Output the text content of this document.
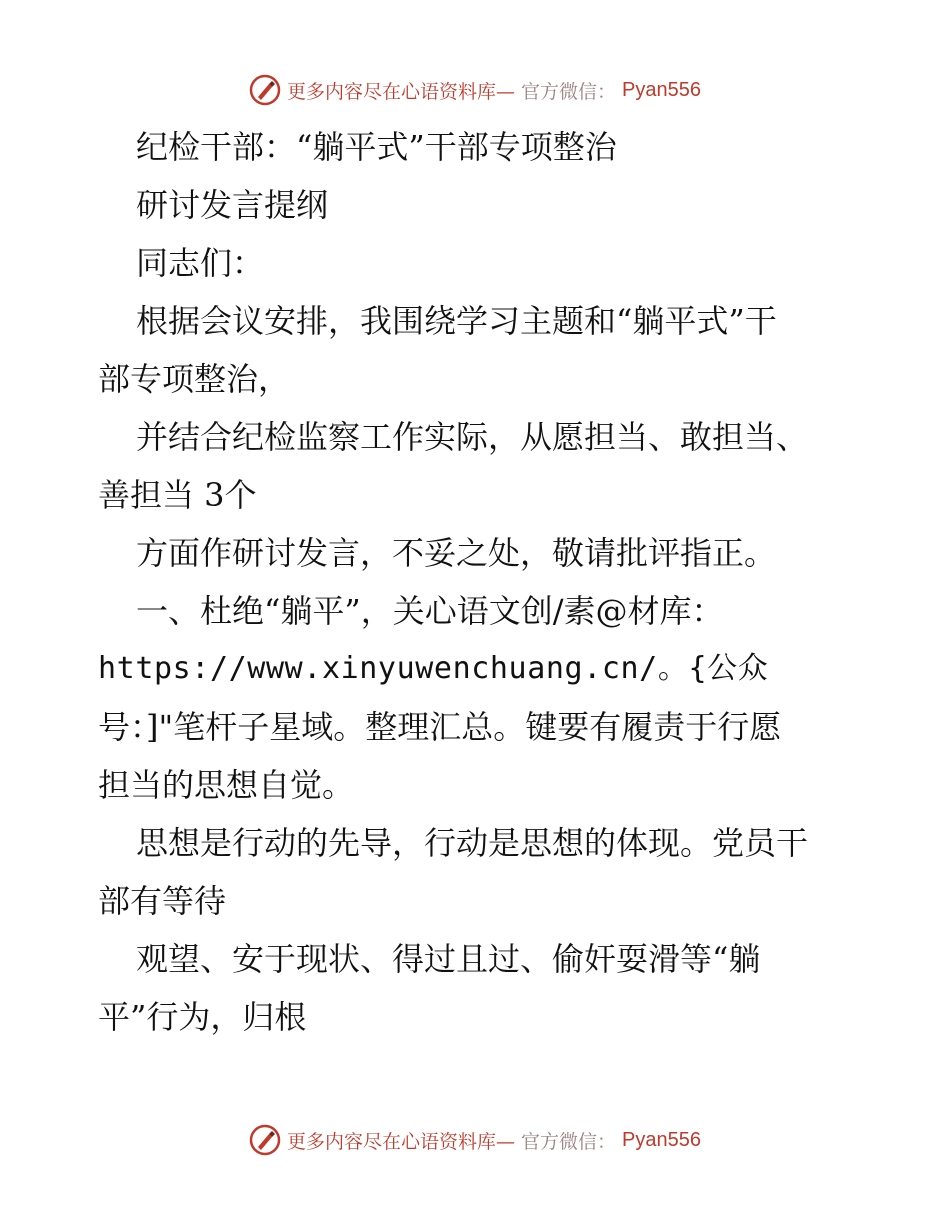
更多内容尽在心语资料库— 官方微信： Pyan556
纪检干部：“躺平式”干部专项整治
研讨发言提纲
同志们：
根据会议安排，我围绕学习主题和“躺平式”干
部专项整治，
并结合纪检监察工作实际，从愿担当、敢担当、
善担当 3个
方面作研讨发言，不妥之处，敬请批评指正。
一、杜绝“躺平”，关心语文创/素@材库：
https://www.xinyuwenchuang.cn/。{公众
号：]"笔杆子星域。整理汇总。键要有履责于行愿
担当的思想自觉。
思想是行动的先导，行动是思想的体现。党员干
部有等待
观望、安于现状、得过且过、偷奸耍滑等“躺
平”行为，归根
更多内容尽在心语资料库— 官方微信： Pyan556
